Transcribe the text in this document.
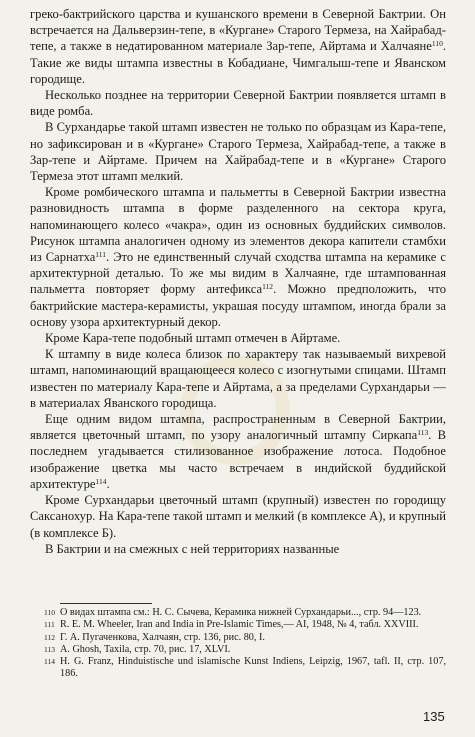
греко-бактрийского царства и кушанского времени в Северной Бактрии. Он встречается на Дальверзин-тепе, в «Кургане» Старого Термеза, на Хайрабад-тепе, а также в недатированном материале Зар-тепе, Айртама и Халчаяне$^{110}$. Такие же виды штампа известны в Кобадиане, Чимгалыш-тепе и Яванском городище.

Несколько позднее на территории Северной Бактрии появляется штамп в виде ромба.

В Сурхандарье такой штамп известен не только по образцам из Кара-тепе, но зафиксирован и в «Кургане» Старого Термеза, Хайрабад-тепе, а также в Зар-тепе и Айртаме. Причем на Хайрабад-тепе и в «Кургане» Старого Термеза этот штамп мелкий.

Кроме ромбического штампа и пальметты в Северной Бактрии известна разновидность штампа в форме разделенного на сектора круга, напоминающего колесо «чакра», один из основных буддийских символов. Рисунок штампа аналогичен одному из элементов декора капители стамбхи из Сарнатха$^{111}$. Это не единственный случай сходства штампа на керамике с архитектурной деталью. То же мы видим в Халчаяне, где штампованная пальметта повторяет форму антефикса$^{112}$. Можно предположить, что бактрийские мастера-керамисты, украшая посуду штампом, иногда брали за основу узора архитектурный декор.

Кроме Кара-тепе подобный штамп отмечен в Айртаме.

К штампу в виде колеса близок по характеру так называемый вихревой штамп, напоминающий вращающееся колесо с изогнутыми спицами. Штамп известен по материалу Кара-тепе и Айртама, а за пределами Сурхандарьи — в материалах Яванского городища.

Еще одним видом штампа, распространенным в Северной Бактрии, является цветочный штамп, по узору аналогичный штампу Сиркапа$^{113}$. В последнем угадывается стилизованное изображение лотоса. Подобное изображение цветка мы часто встречаем в индийской буддийской архитектуре$^{114}$.

Кроме Сурхандарьи цветочный штамп (крупный) известен по городищу Саксанохур. На Кара-тепе такой штамп и мелкий (в комплексе А), и крупный (в комплексе Б).

В Бактрии и на смежных с ней территориях названные

110 О видах штампа см.: Н. С. Сычева, Керамика нижней Сурхандарьи..., стр. 94—123.

111 R. E. M. Wheeler, Iran and India in Pre-Islamic Times,— AI, 1948, № 4, табл. XXVIII.

112 Г. А. Пугаченкова, Халчаян, стр. 136, рис. 80, I.

113 A. Ghosh, Taxila, стр. 70, рис. 17, XLVI.

114 H. G. Franz, Hinduistische und islamische Kunst Indiens, Leipzig, 1967, tafl. II, стр. 107, 186.

135
